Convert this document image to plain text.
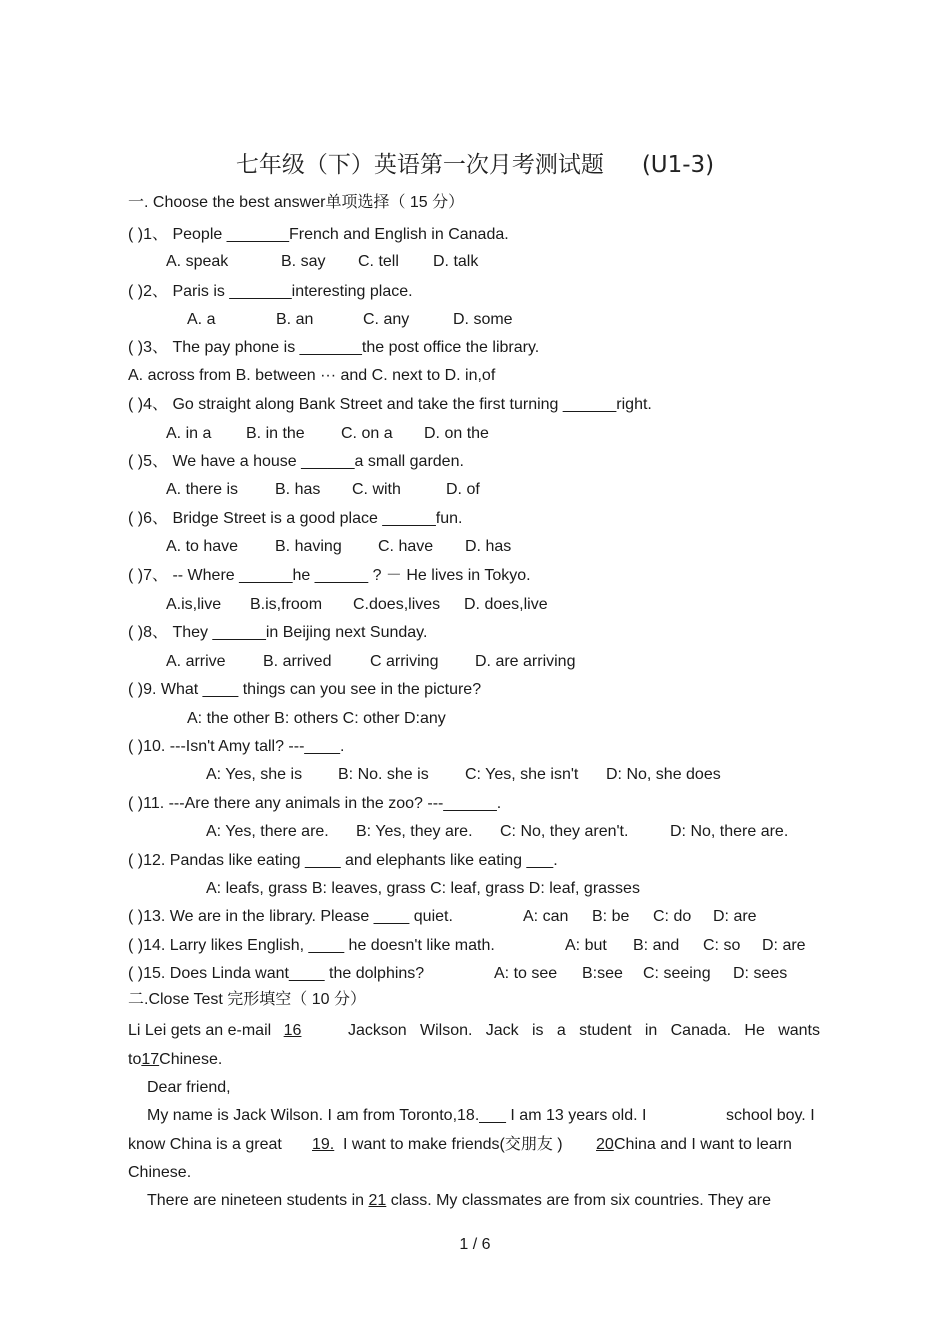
七年级（下）英语第一次月考测试题 (U1-3)
一. Choose the best answer单项选择（ 15 分）
( )1、 People _______French and English in Canada.
A. speak	B. say C. tell D. talk
( )2、 Paris is _______interesting place.
A. a	B. an	C. any	D. some
( )3、 The pay phone is _______the post office the library.
A. across from B. between ··· and C. next to D. in,of
( )4、 Go straight along Bank Street and take the first turning ______right.
A. in a B. in the C. on a D. on the
( )5、 We have a house ______a small garden.
A. there is B. has C. with	D. of
( )6、 Bridge Street is a good place ______fun.
A. to have B. having C. have D. has
( )7、 -- Where ______he ______ ? － He lives in Tokyo.
A.is,live B.is,froom C.does,lives D. does,live
( )8、 They ______in Beijing next Sunday.
A. arrive B. arrived C arriving D. are arriving
( )9. What ____ things can you see in the picture?
A: the other B: others C: other D:any
( )10. ---Isn't Amy tall? ---____.
A: Yes, she is B: No. she is C: Yes, she isn't D: No, she does
( )11. ---Are there any animals in the zoo? ---______.
A: Yes, there are. B: Yes, they are. C: No, they aren't.	D: No, there are.
( )12. Pandas like eating ____ and elephants like eating ___.
A: leafs, grass B: leaves, grass C: leaf, grass D: leaf, grasses
( )13. We are in the library. Please ____ quiet.	A: can B: be C: do D: are
( )14. Larry likes English, ____ he doesn't like math.	A: but B: and C: so D: are
( )15. Does Linda want____ the dolphins?	A: to see B:see C: seeing D: sees
二.Close Test 完形填空（ 10 分）
Li Lei gets an e-mail 16	Jackson Wilson. Jack is a student in Canada. He wants
to17Chinese.
Dear friend,
My name is Jack Wilson. I am from Toronto,18.___ I am 13 years old. I	school boy. I
know China is a great 19. I want to make friends(交朋友 ) 20 China and I want to learn
Chinese.
There are nineteen students in 21 class. My classmates are from six countries. They are
1 / 6
